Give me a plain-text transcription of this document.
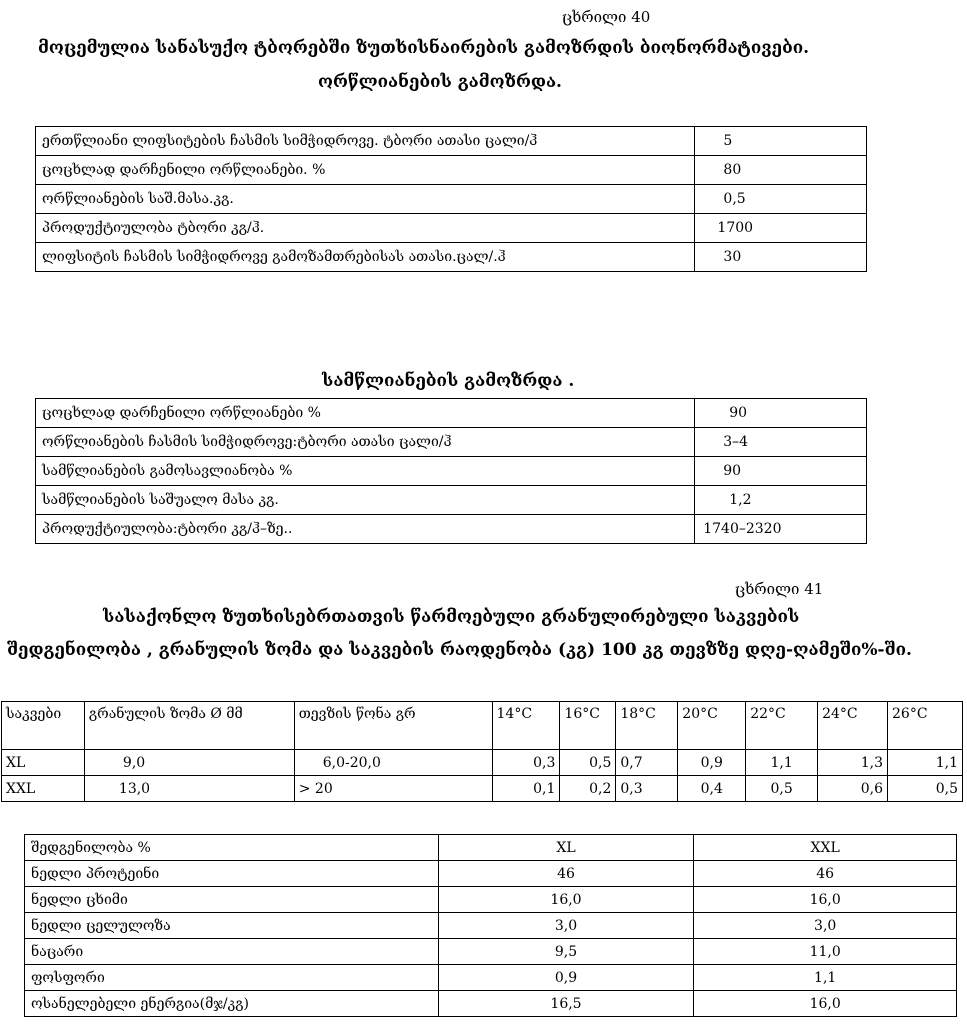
ცხრილი 40
მოცემულია სანასუქო ტბორებში ზუთხისნაირების გამოზრდის ბიონორმატივები.
ორწლიანების გამოზრდა.
ერთწლიანი ლიფსიტების ჩასმის სიმჭიდროვე. ტბორი ათასი ცალი/ჰ	5
ცოცხლად დარჩენილი ორწლიანები. %	80
ორწლიანების საშ.მასა.კგ.	0,5
პროდუქტიულობა ტბორი კგ/ჰ.	1700
ლიფსიტის ჩასმის სიმჭიდროვე გამოზამთრებისას ათასი.ცალ/.ჰ	30
სამწლიანების გამოზრდა .
ცოცხლად დარჩენილი ორწლიანები %	90
ორწლიანების ჩასმის სიმჭიდროვე:ტბორი ათასი ცალი/ჰ	3–4
სამწლიანების გამოსავლიანობა %	90
სამწლიანების საშუალო მასა კგ.	1,2
პროდუქტიულობა:ტბორი კგ/ჰ–ზე..	1740–2320
ცხრილი 41
სასაქონლო ზუთხისებრთათვის წარმოებული გრანულირებული საკვების
შედგენილობა , გრანულის ზომა და საკვების რაოდენობა (კგ) 100 კგ თევზზე დღე-ღამეში%-ში.
საკვები	გრანულის ზომა Ø მმ	თევზის წონა გრ	14°C	16°C	18°C	20°C	22°C	24°C	26°C
XL	9,0	6,0-20,0	0,3	0,5	0,7	0,9	1,1	1,3	1,1
XXL	13,0	> 20	0,1	0,2	0,3	0,4	0,5	0,6	0,5
შედგენილობა %	XL	XXL
ნედლი პროტეინი	46	46
ნედლი ცხიმი	16,0	16,0
ნედლი ცელულოზა	3,0	3,0
ნაცარი	9,5	11,0
ფოსფორი	0,9	1,1
ოსანელებელი ენერგია(მჯ/კგ)	16,5	16,0
